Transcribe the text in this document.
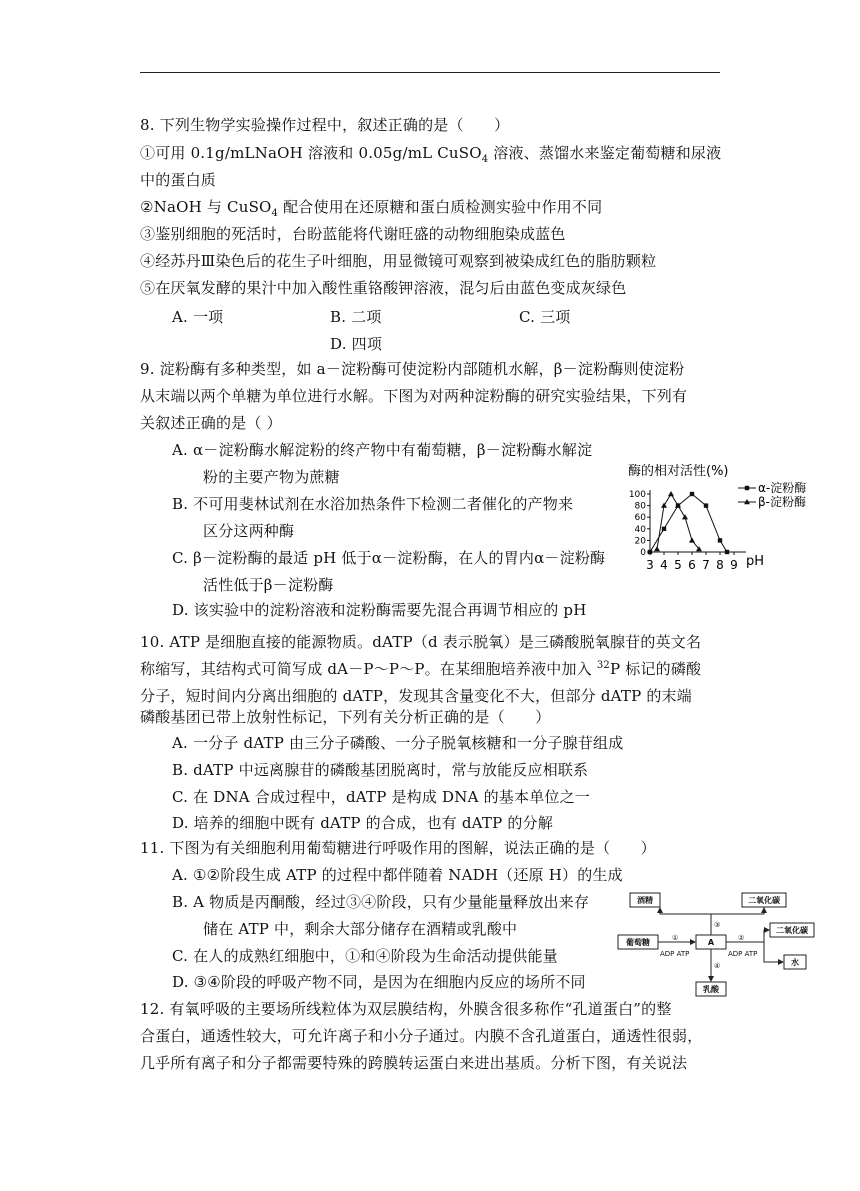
8. 下列生物学实验操作过程中，叙述正确的是（　　）
①可用 0.1g/mLNaOH 溶液和 0.05g/mL CuSO$_4$ 溶液、蒸馏水来鉴定葡萄糖和尿液
中的蛋白质
②NaOH 与 CuSO$_4$ 配合使用在还原糖和蛋白质检测实验中作用不同
③鉴别细胞的死活时，台盼蓝能将代谢旺盛的动物细胞染成蓝色
④经苏丹Ⅲ染色后的花生子叶细胞，用显微镜可观察到被染成红色的脂肪颗粒
⑤在厌氧发酵的果汁中加入酸性重铬酸钾溶液，混匀后由蓝色变成灰绿色
A. 一项	B. 二项	C. 三项
D. 四项
9. 淀粉酶有多种类型，如 a－淀粉酶可使淀粉内部随机水解，β－淀粉酶则使淀粉
从末端以两个单糖为单位进行水解。下图为对两种淀粉酶的研究实验结果，下列有
关叙述正确的是（ ）
A. α－淀粉酶水解淀粉的终产物中有葡萄糖，β－淀粉酶水解淀
粉的主要产物为蔗糖
B. 不可用斐林试剂在水浴加热条件下检测二者催化的产物来
区分这两种酶
C. β－淀粉酶的最适 pH 低于α－淀粉酶，在人的胃内α－淀粉酶
活性低于β－淀粉酶
D. 该实验中的淀粉溶液和淀粉酶需要先混合再调节相应的 pH
酶的相对活性(%)
0
20
40
60
80
100
3 4 5 6 7 8 9 pH
α-淀粉酶
β-淀粉酶
10. ATP 是细胞直接的能源物质。dATP（d 表示脱氧）是三磷酸脱氧腺苷的英文名
称缩写，其结构式可简写成 dA－P～P～P。在某细胞培养液中加入 $^{32}$P 标记的磷酸
分子，短时间内分离出细胞的 dATP，发现其含量变化不大，但部分 dATP 的末端
磷酸基团已带上放射性标记，下列有关分析正确的是（　　）
A. 一分子 dATP 由三分子磷酸、一分子脱氧核糖和一分子腺苷组成
B. dATP 中远离腺苷的磷酸基团脱离时，常与放能反应相联系
C. 在 DNA 合成过程中，dATP 是构成 DNA 的基本单位之一
D. 培养的细胞中既有 dATP 的合成，也有 dATP 的分解
11. 下图为有关细胞利用葡萄糖进行呼吸作用的图解，说法正确的是（　　）
A. ①②阶段生成 ATP 的过程中都伴随着 NADH（还原 H）的生成
B. A 物质是丙酮酸，经过③④阶段，只有少量能量释放出来存
储在 ATP 中，剩余大部分储存在酒精或乳酸中
C. 在人的成熟红细胞中，①和④阶段为生命活动提供能量
D. ③④阶段的呼吸产物不同，是因为在细胞内反应的场所不同
酒精	二氧化碳
葡萄糖	A
二氧化碳
水
乳酸
①	②
③
④
ADP ATP	ADP ATP
12. 有氧呼吸的主要场所线粒体为双层膜结构，外膜含很多称作“孔道蛋白”的整
合蛋白，通透性较大，可允许离子和小分子通过。内膜不含孔道蛋白，通透性很弱，
几乎所有离子和分子都需要特殊的跨膜转运蛋白来进出基质。分析下图，有关说法
